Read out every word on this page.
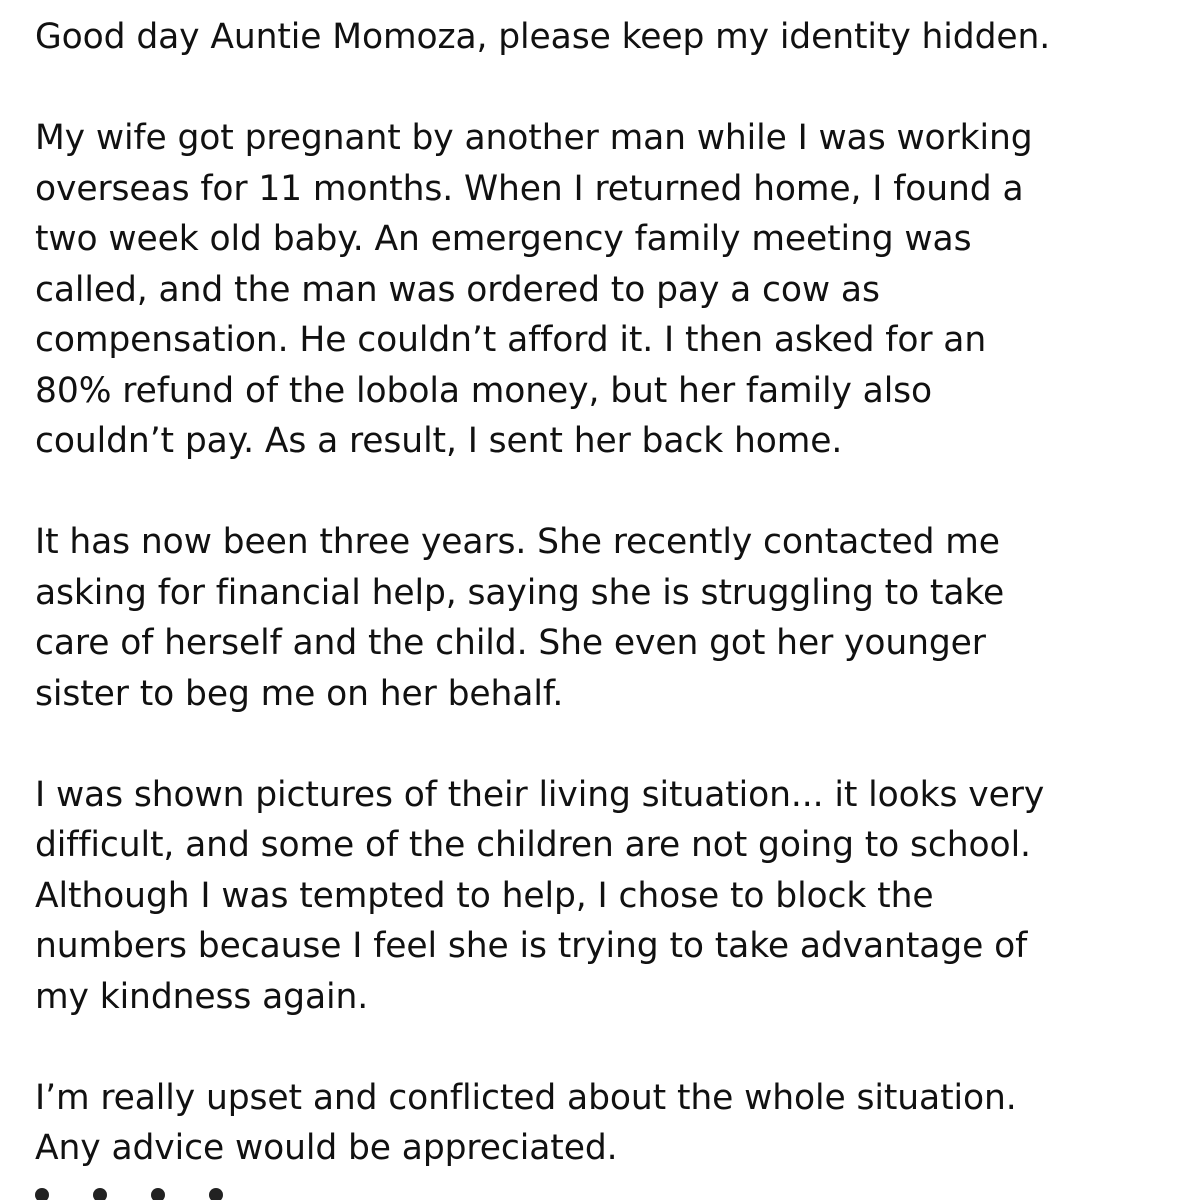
Good day Auntie Momoza, please keep my identity hidden.
My wife got pregnant by another man while I was working
overseas for 11 months. When I returned home, I found a
two week old baby. An emergency family meeting was
called, and the man was ordered to pay a cow as
compensation. He couldn’t afford it. I then asked for an
80% refund of the lobola money, but her family also
couldn’t pay. As a result, I sent her back home.
It has now been three years. She recently contacted me
asking for financial help, saying she is struggling to take
care of herself and the child. She even got her younger
sister to beg me on her behalf.
I was shown pictures of their living situation... it looks very
difficult, and some of the children are not going to school.
Although I was tempted to help, I chose to block the
numbers because I feel she is trying to take advantage of
my kindness again.
I’m really upset and conflicted about the whole situation.
Any advice would be appreciated.
